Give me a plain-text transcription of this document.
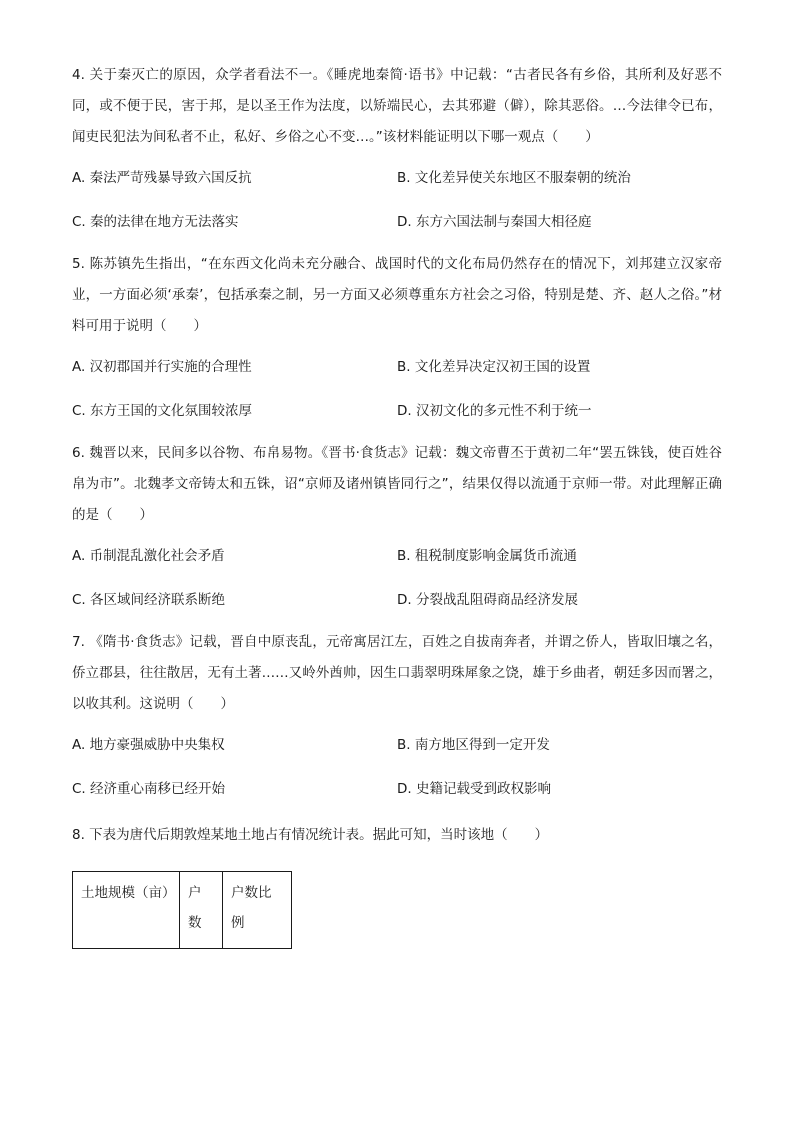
4. 关于秦灭亡的原因，众学者看法不一。《睡虎地秦简·语书》中记载：“古者民各有乡俗，其所利及好恶不同，或不便于民，害于邦，是以圣王作为法度，以矫端民心，去其邪避（僻），除其恶俗。…今法律令已布，闻吏民犯法为间私者不止，私好、乡俗之心不变…。”该材料能证明以下哪一观点（　　）

A. 秦法严苛残暴导致六国反抗	B. 文化差异使关东地区不服秦朝的统治
C. 秦的法律在地方无法落实	D. 东方六国法制与秦国大相径庭

5. 陈苏镇先生指出，“在东西文化尚未充分融合、战国时代的文化布局仍然存在的情况下，刘邦建立汉家帝业，一方面必须‘承秦’，包括承秦之制，另一方面又必须尊重东方社会之习俗，特别是楚、齐、赵人之俗。”材料可用于说明（　　）

A. 汉初郡国并行实施的合理性	B. 文化差异决定汉初王国的设置
C. 东方王国的文化氛围较浓厚	D. 汉初文化的多元性不利于统一

6. 魏晋以来，民间多以谷物、布帛易物。《晋书·食货志》记载：魏文帝曹丕于黄初二年“罢五铢钱，使百姓谷帛为市”。北魏孝文帝铸太和五铢，诏“京师及诸州镇皆同行之”，结果仅得以流通于京师一带。对此理解正确的是（　　）

A. 币制混乱激化社会矛盾	B. 租税制度影响金属货币流通
C. 各区域间经济联系断绝	D. 分裂战乱阻碍商品经济发展

7. 《隋书·食货志》记载，晋自中原丧乱，元帝寓居江左，百姓之自拔南奔者，并谓之侨人，皆取旧壤之名，侨立郡县，往往散居，无有土著……又岭外酋帅，因生口翡翠明珠犀象之饶，雄于乡曲者，朝廷多因而署之，以收其利。这说明（　　）

A. 地方豪强威胁中央集权	B. 南方地区得到一定开发
C. 经济重心南移已经开始	D. 史籍记载受到政权影响

8. 下表为唐代后期敦煌某地土地占有情况统计表。据此可知，当时该地（　　）

土地规模（亩）	户数	户数比例
